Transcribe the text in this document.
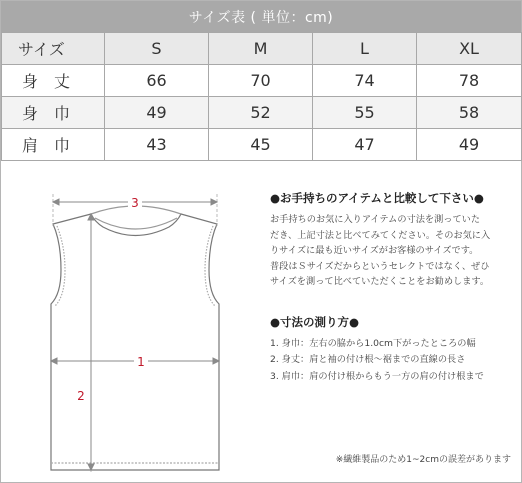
サイズ表 ( 単位：cm)
サイズ	S	M	L	XL
身　丈	66	70	74	78
身　巾	49	52	55	58
肩　巾	43	45	47	49
3
1
2
●お手持ちのアイテムと比較して下さい●
お手持ちのお気に入りアイテムの寸法を測っていた
だき、上記寸法と比べてみてください。そのお気に入
りサイズに最も近いサイズがお客様のサイズです。
普段はＳサイズだからというセレクトではなく、ぜひ
サイズを測って比べていただくことをお勧めします。
●寸法の測り方●
1. 身巾：左右の脇から1.0cm下がったところの幅
2. 身丈：肩と袖の付け根～裾までの直線の長さ
3. 肩巾：肩の付け根からもう一方の肩の付け根まで
※繊維製品のため1~2cmの誤差があります
